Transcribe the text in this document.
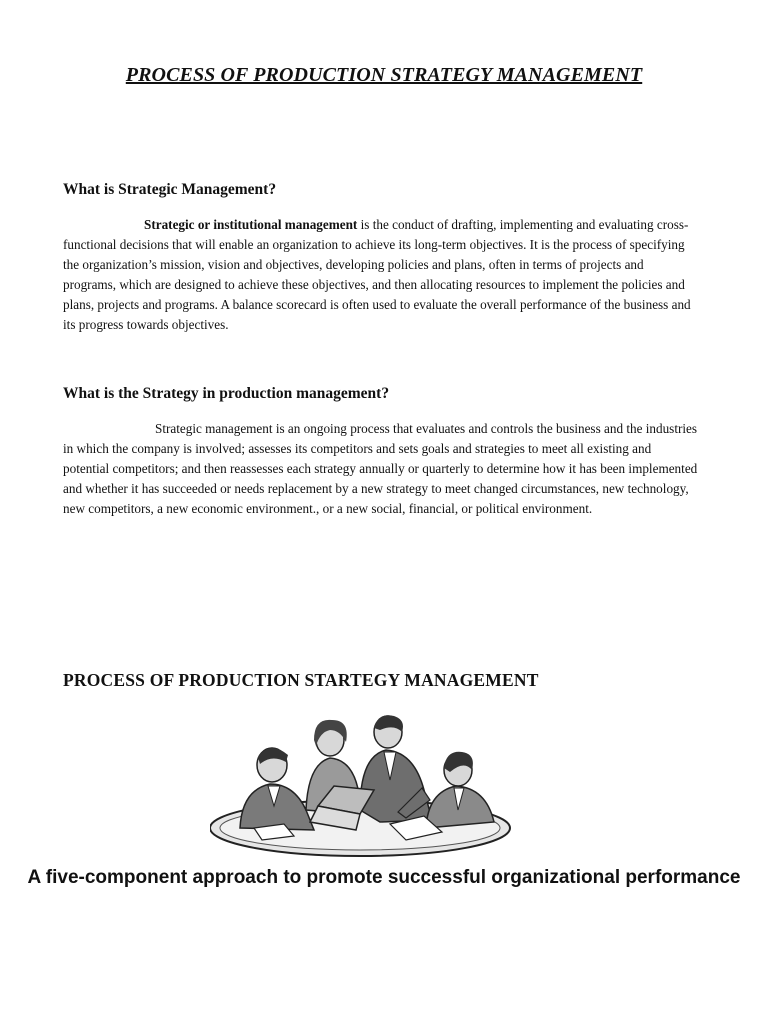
PROCESS OF PRODUCTION STRATEGY MANAGEMENT
What is Strategic Management?
Strategic or institutional management is the conduct of drafting, implementing and evaluating cross-functional decisions that will enable an organization to achieve its long-term objectives. It is the process of specifying the organization’s mission, vision and objectives, developing policies and plans, often in terms of projects and programs, which are designed to achieve these objectives, and then allocating resources to implement the policies and plans, projects and programs. A balance scorecard is often used to evaluate the overall performance of the business and its progress towards objectives.
What is the Strategy in production management?
Strategic management is an ongoing process that evaluates and controls the business and the industries in which the company is involved; assesses its competitors and sets goals and strategies to meet all existing and potential competitors; and then reassesses each strategy annually or quarterly to determine how it has been implemented and whether it has succeeded or needs replacement by a new strategy to meet changed circumstances, new technology, new competitors, a new economic environment., or a new social, financial, or political environment.
PROCESS OF PRODUCTION STARTEGY MANAGEMENT
A five-component approach to promote successful organizational performance
